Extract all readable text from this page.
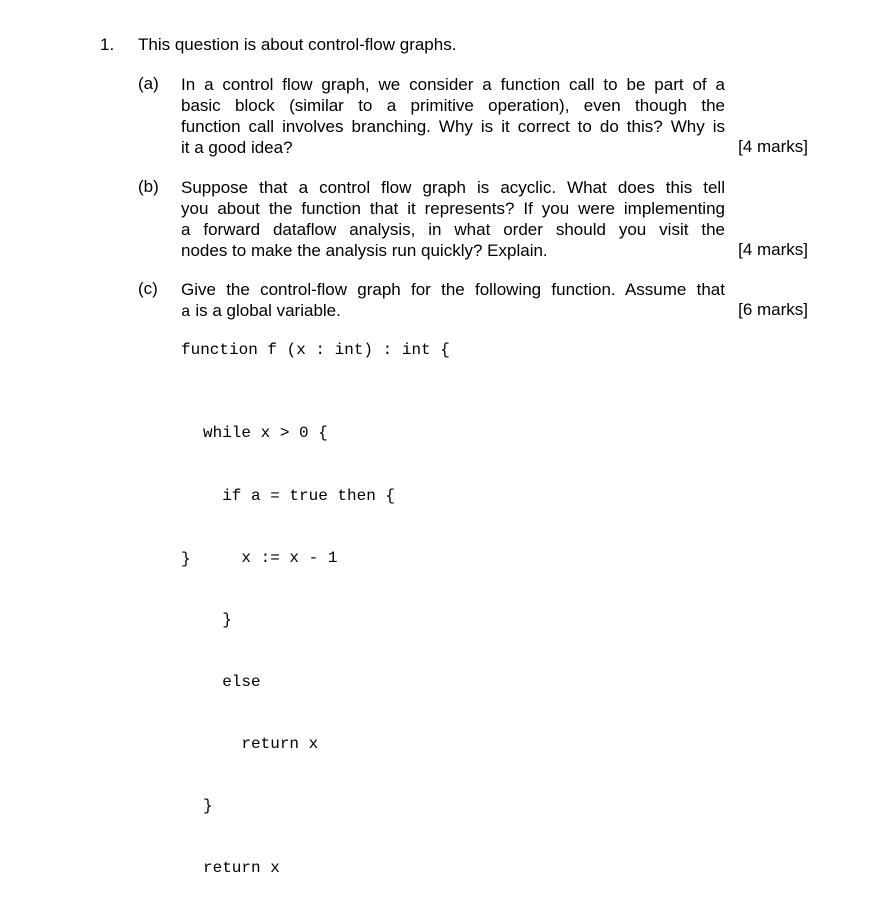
1. This question is about control-flow graphs.
(a) In a control flow graph, we consider a function call to be part of a
basic block (similar to a primitive operation), even though the
function call involves branching. Why is it correct to do this? Why is
it a good idea?	[4 marks]
(b) Suppose that a control flow graph is acyclic. What does this tell
you about the function that it represents? If you were implementing
a forward dataflow analysis, in what order should you visit the
nodes to make the analysis run quickly? Explain.	[4 marks]
(c) Give the control-flow graph for the following function. Assume that
a is a global variable.	[6 marks]
function f (x : int) : int {

while x > 0 {

if a = true then {

x := x - 1

}

else

return x

}

return x

}
